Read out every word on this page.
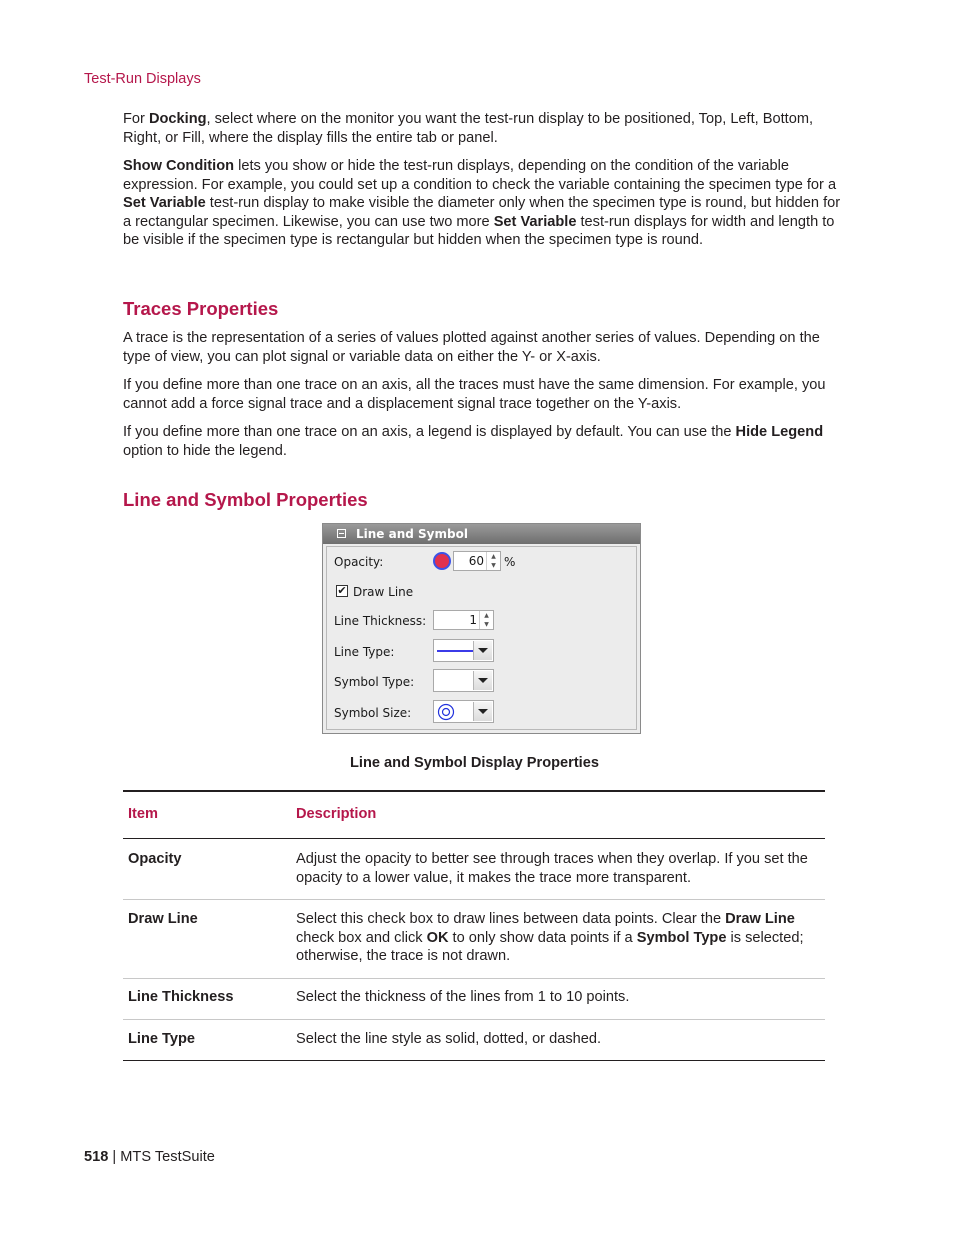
Test-Run Displays

For Docking, select where on the monitor you want the test-run display to be positioned, Top, Left, Bottom, Right, or Fill, where the display fills the entire tab or panel.

Show Condition lets you show or hide the test-run displays, depending on the condition of the variable expression. For example, you could set up a condition to check the variable containing the specimen type for a Set Variable test-run display to make visible the diameter only when the specimen type is round, but hidden for a rectangular specimen. Likewise, you can use two more Set Variable test-run displays for width and length to be visible if the specimen type is rectangular but hidden when the specimen type is round.

Traces Properties

A trace is the representation of a series of values plotted against another series of values. Depending on the type of view, you can plot signal or variable data on either the Y- or X-axis.

If you define more than one trace on an axis, all the traces must have the same dimension. For example, you cannot add a force signal trace and a displacement signal trace together on the Y-axis.

If you define more than one trace on an axis, a legend is displayed by default. You can use the Hide Legend option to hide the legend.

Line and Symbol Properties
Line and Symbol
Opacity:	60	▲
▼ %
✔ Draw Line
Line Thickness:	1	▲
▼
Line Type:
Symbol Type:
Symbol Size:
Line and Symbol Display Properties
Item	Description
Opacity	Adjust the opacity to better see through traces when they overlap. If you set the opacity to a lower value, it makes the trace more transparent.
Draw Line	Select this check box to draw lines between data points. Clear the Draw Line check box and click OK to only show data points if a Symbol Type is selected; otherwise, the trace is not drawn.
Line Thickness	Select the thickness of the lines from 1 to 10 points.
Line Type	Select the line style as solid, dotted, or dashed.
518 | MTS TestSuite
